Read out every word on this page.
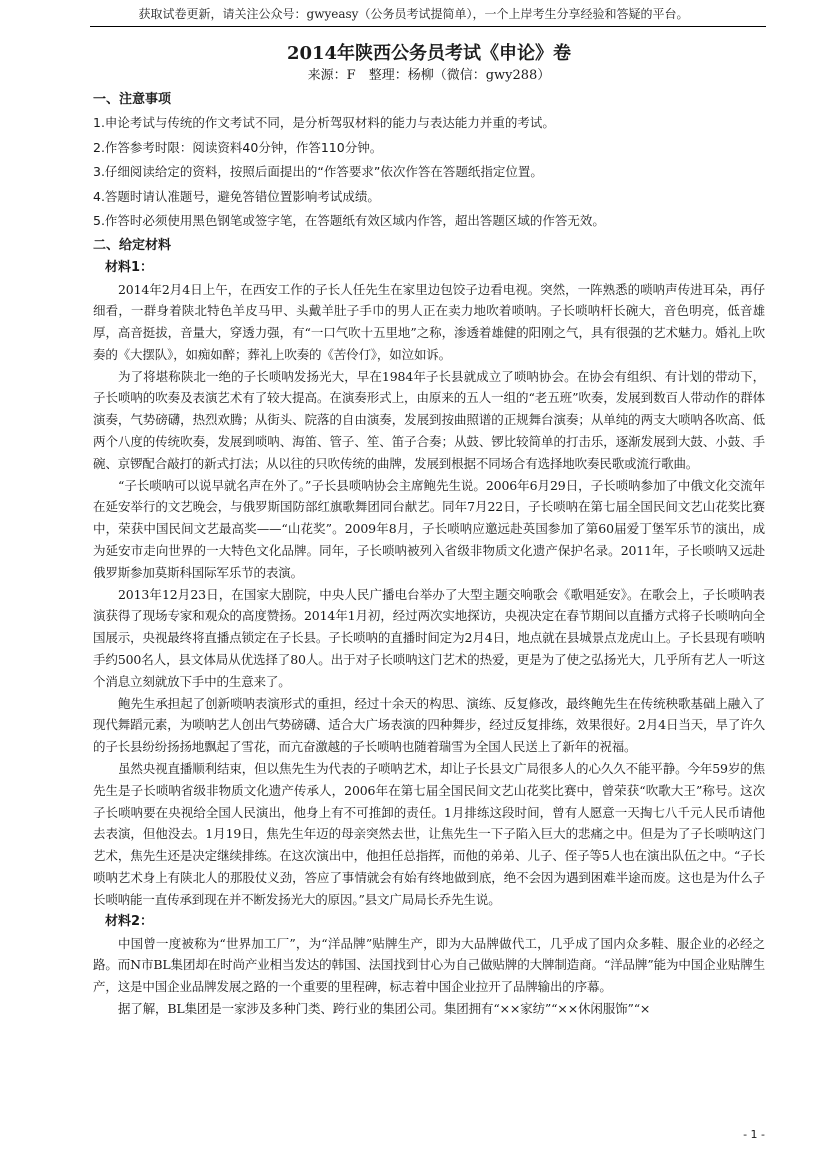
获取试卷更新，请关注公众号：gwyeasy（公务员考试提简单），一个上岸考生分享经验和答疑的平台。
2014年陕西公务员考试《申论》卷

来源：F　整理：杨柳（微信：gwy288）

一、注意事项

1.申论考试与传统的作文考试不同，是分析驾驭材料的能力与表达能力并重的考试。

2.作答参考时限：阅读资料40分钟，作答110分钟。

3.仔细阅读给定的资料，按照后面提出的“作答要求”依次作答在答题纸指定位置。

4.答题时请认准题号，避免答错位置影响考试成绩。

5.作答时必须使用黑色钢笔或签字笔，在答题纸有效区域内作答，超出答题区域的作答无效。

二、给定材料

材料1：

2014年2月4日上午，在西安工作的子长人任先生在家里边包饺子边看电视。突然，一阵熟悉的唢呐声传进耳朵，再仔细看，一群身着陕北特色羊皮马甲、头戴羊肚子手巾的男人正在卖力地吹着唢呐。子长唢呐杆长碗大，音色明亮，低音雄厚，高音挺拔，音量大，穿透力强，有“一口气吹十五里地”之称，渗透着雄健的阳刚之气，具有很强的艺术魅力。婚礼上吹奏的《大摆队》，如痴如醉；葬礼上吹奏的《苦伶仃》，如泣如诉。

为了将堪称陕北一绝的子长唢呐发扬光大，早在1984年子长县就成立了唢呐协会。在协会有组织、有计划的带动下，子长唢呐的吹奏及表演艺术有了较大提高。在演奏形式上，由原来的五人一组的“老五班”吹奏，发展到数百人带动作的群体演奏，气势磅礴，热烈欢腾；从街头、院落的自由演奏，发展到按曲照谱的正规舞台演奏；从单纯的两支大唢呐各吹高、低两个八度的传统吹奏，发展到唢呐、海笛、管子、笙、笛子合奏；从鼓、锣比较简单的打击乐，逐渐发展到大鼓、小鼓、手碗、京锣配合敲打的新式打法；从以往的只吹传统的曲牌，发展到根据不同场合有选择地吹奏民歌或流行歌曲。

“子长唢呐可以说早就名声在外了。”子长县唢呐协会主席鲍先生说。2006年6月29日，子长唢呐参加了中俄文化交流年在延安举行的文艺晚会，与俄罗斯国防部红旗歌舞团同台献艺。同年7月22日，子长唢呐在第七届全国民间文艺山花奖比赛中，荣获中国民间文艺最高奖——“山花奖”。2009年8月，子长唢呐应邀远赴英国参加了第60届爱丁堡军乐节的演出，成为延安市走向世界的一大特色文化品牌。同年，子长唢呐被列入省级非物质文化遗产保护名录。2011年，子长唢呐又远赴俄罗斯参加莫斯科国际军乐节的表演。

2013年12月23日，在国家大剧院，中央人民广播电台举办了大型主题交响歌会《歌唱延安》。在歌会上，子长唢呐表演获得了现场专家和观众的高度赞扬。2014年1月初，经过两次实地探访，央视决定在春节期间以直播方式将子长唢呐向全国展示，央视最终将直播点锁定在子长县。子长唢呐的直播时间定为2月4日，地点就在县城景点龙虎山上。子长县现有唢呐手约500名人，县文体局从优选择了80人。出于对子长唢呐这门艺术的热爱，更是为了使之弘扬光大，几乎所有艺人一听这个消息立刻就放下手中的生意来了。

鲍先生承担起了创新唢呐表演形式的重担，经过十余天的构思、演练、反复修改，最终鲍先生在传统秧歌基础上融入了现代舞蹈元素，为唢呐艺人创出气势磅礴、适合大广场表演的四种舞步，经过反复排练，效果很好。2月4日当天，旱了许久的子长县纷纷扬扬地飘起了雪花，而亢奋激越的子长唢呐也随着瑞雪为全国人民送上了新年的祝福。

虽然央视直播顺利结束，但以焦先生为代表的子唢呐艺术，却让子长县文广局很多人的心久久不能平静。今年59岁的焦先生是子长唢呐省级非物质文化遗产传承人，2006年在第七届全国民间文艺山花奖比赛中，曾荣获“吹歌大王”称号。这次子长唢呐要在央视给全国人民演出，他身上有不可推卸的责任。1月排练这段时间，曾有人愿意一天掏七八千元人民币请他去表演，但他没去。1月19日，焦先生年迈的母亲突然去世，让焦先生一下子陷入巨大的悲痛之中。但是为了子长唢呐这门艺术，焦先生还是决定继续排练。在这次演出中，他担任总指挥，而他的弟弟、儿子、侄子等5人也在演出队伍之中。“子长唢呐艺术身上有陕北人的那股仗义劲，答应了事情就会有始有终地做到底，绝不会因为遇到困难半途而废。这也是为什么子长唢呐能一直传承到现在并不断发扬光大的原因。”县文广局局长乔先生说。

材料2：

中国曾一度被称为“世界加工厂”，为“洋品牌”贴牌生产，即为大品牌做代工，几乎成了国内众多鞋、服企业的必经之路。而N市BL集团却在时尚产业相当发达的韩国、法国找到甘心为自己做贴牌的大牌制造商。“洋品牌”能为中国企业贴牌生产，这是中国企业品牌发展之路的一个重要的里程碑，标志着中国企业拉开了品牌输出的序幕。

据了解，BL集团是一家涉及多种门类、跨行业的集团公司。集团拥有“××家纺”“××休闲服饰”“×

- 1 -
